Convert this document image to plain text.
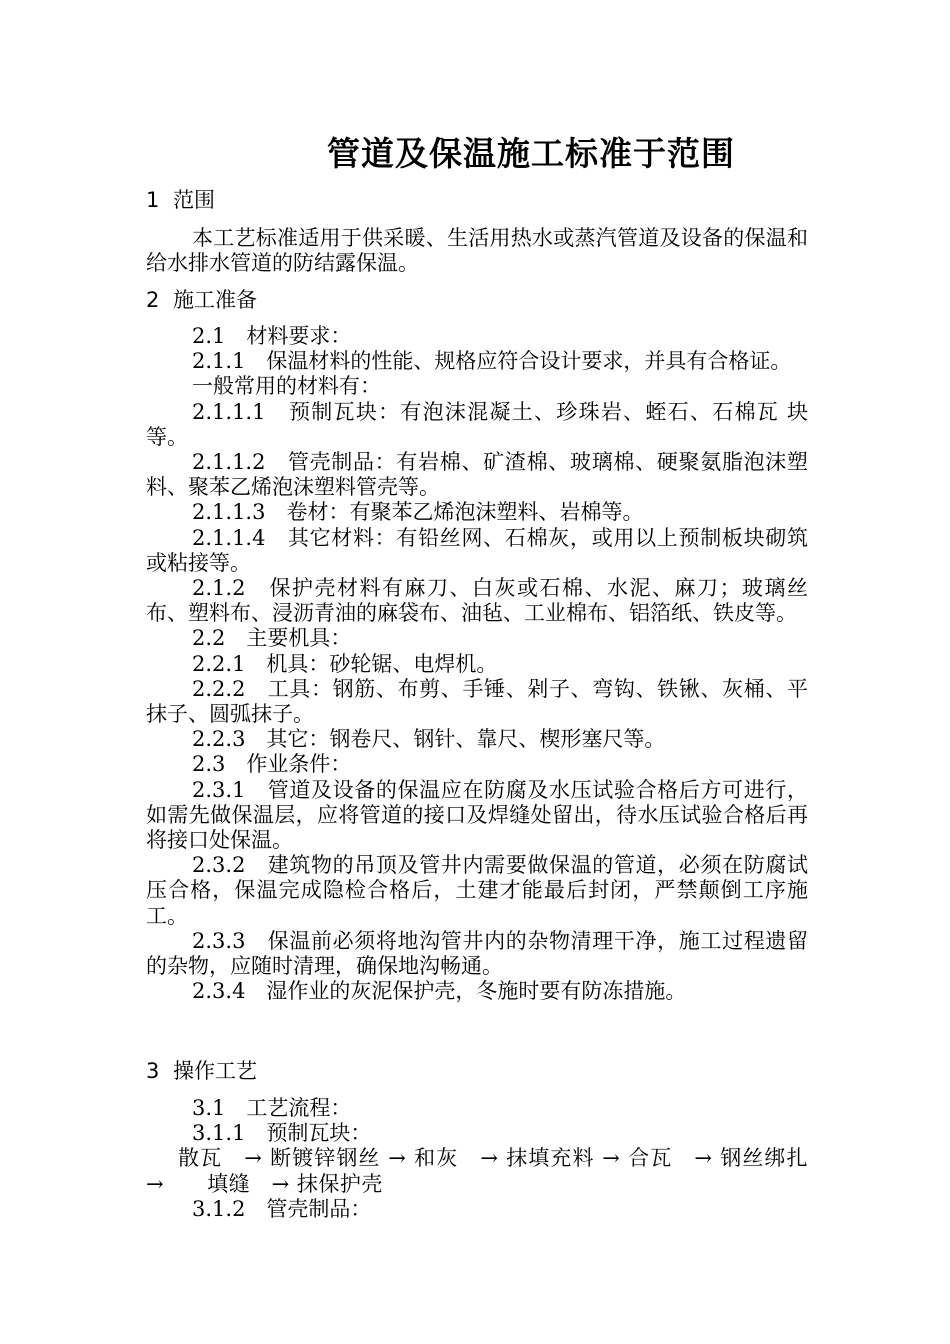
管道及保温施工标准于范围
1 范围

本工艺标准适用于供采暖、生活用热水或蒸汽管道及设备的保温和给水排水管道的防结露保温。

2 施工准备

2.1　材料要求：

2.1.1　保温材料的性能、规格应符合设计要求，并具有合格证。

一般常用的材料有：

2.1.1.1　预制瓦块：有泡沫混凝土、珍珠岩、蛭石、石棉瓦 块等。

2.1.1.2　管壳制品：有岩棉、矿渣棉、玻璃棉、硬聚氨脂泡沫塑料、聚苯乙烯泡沫塑料管壳等。

2.1.1.3　卷材：有聚苯乙烯泡沫塑料、岩棉等。

2.1.1.4　其它材料：有铅丝网、石棉灰，或用以上预制板块砌筑或粘接等。

2.1.2　保护壳材料有麻刀、白灰或石棉、水泥、麻刀；玻璃丝布、塑料布、浸沥青油的麻袋布、油毡、工业棉布、铝箔纸、铁皮等。

2.2　主要机具：

2.2.1　机具：砂轮锯、电焊机。

2.2.2　工具：钢筋、布剪、手锤、剁子、弯钩、铁锹、灰桶、平抹子、圆弧抹子。

2.2.3　其它：钢卷尺、钢针、靠尺、楔形塞尺等。

2.3　作业条件：

2.3.1　管道及设备的保温应在防腐及水压试验合格后方可进行，如需先做保温层，应将管道的接口及焊缝处留出，待水压试验合格后再将接口处保温。

2.3.2　建筑物的吊顶及管井内需要做保温的管道，必须在防腐试压合格，保温完成隐检合格后，土建才能最后封闭，严禁颠倒工序施工。

2.3.3　保温前必须将地沟管井内的杂物清理干净，施工过程遗留的杂物，应随时清理，确保地沟畅通。

2.3.4　湿作业的灰泥保护壳，冬施时要有防冻措施。

3 操作工艺

3.1　工艺流程：

3.1.1　预制瓦块：

散瓦　→ 断镀锌钢丝 → 和灰　→ 抹填充料 → 合瓦　→ 钢丝绑扎　→　　填缝　→ 抹保护壳

3.1.2　管壳制品：
